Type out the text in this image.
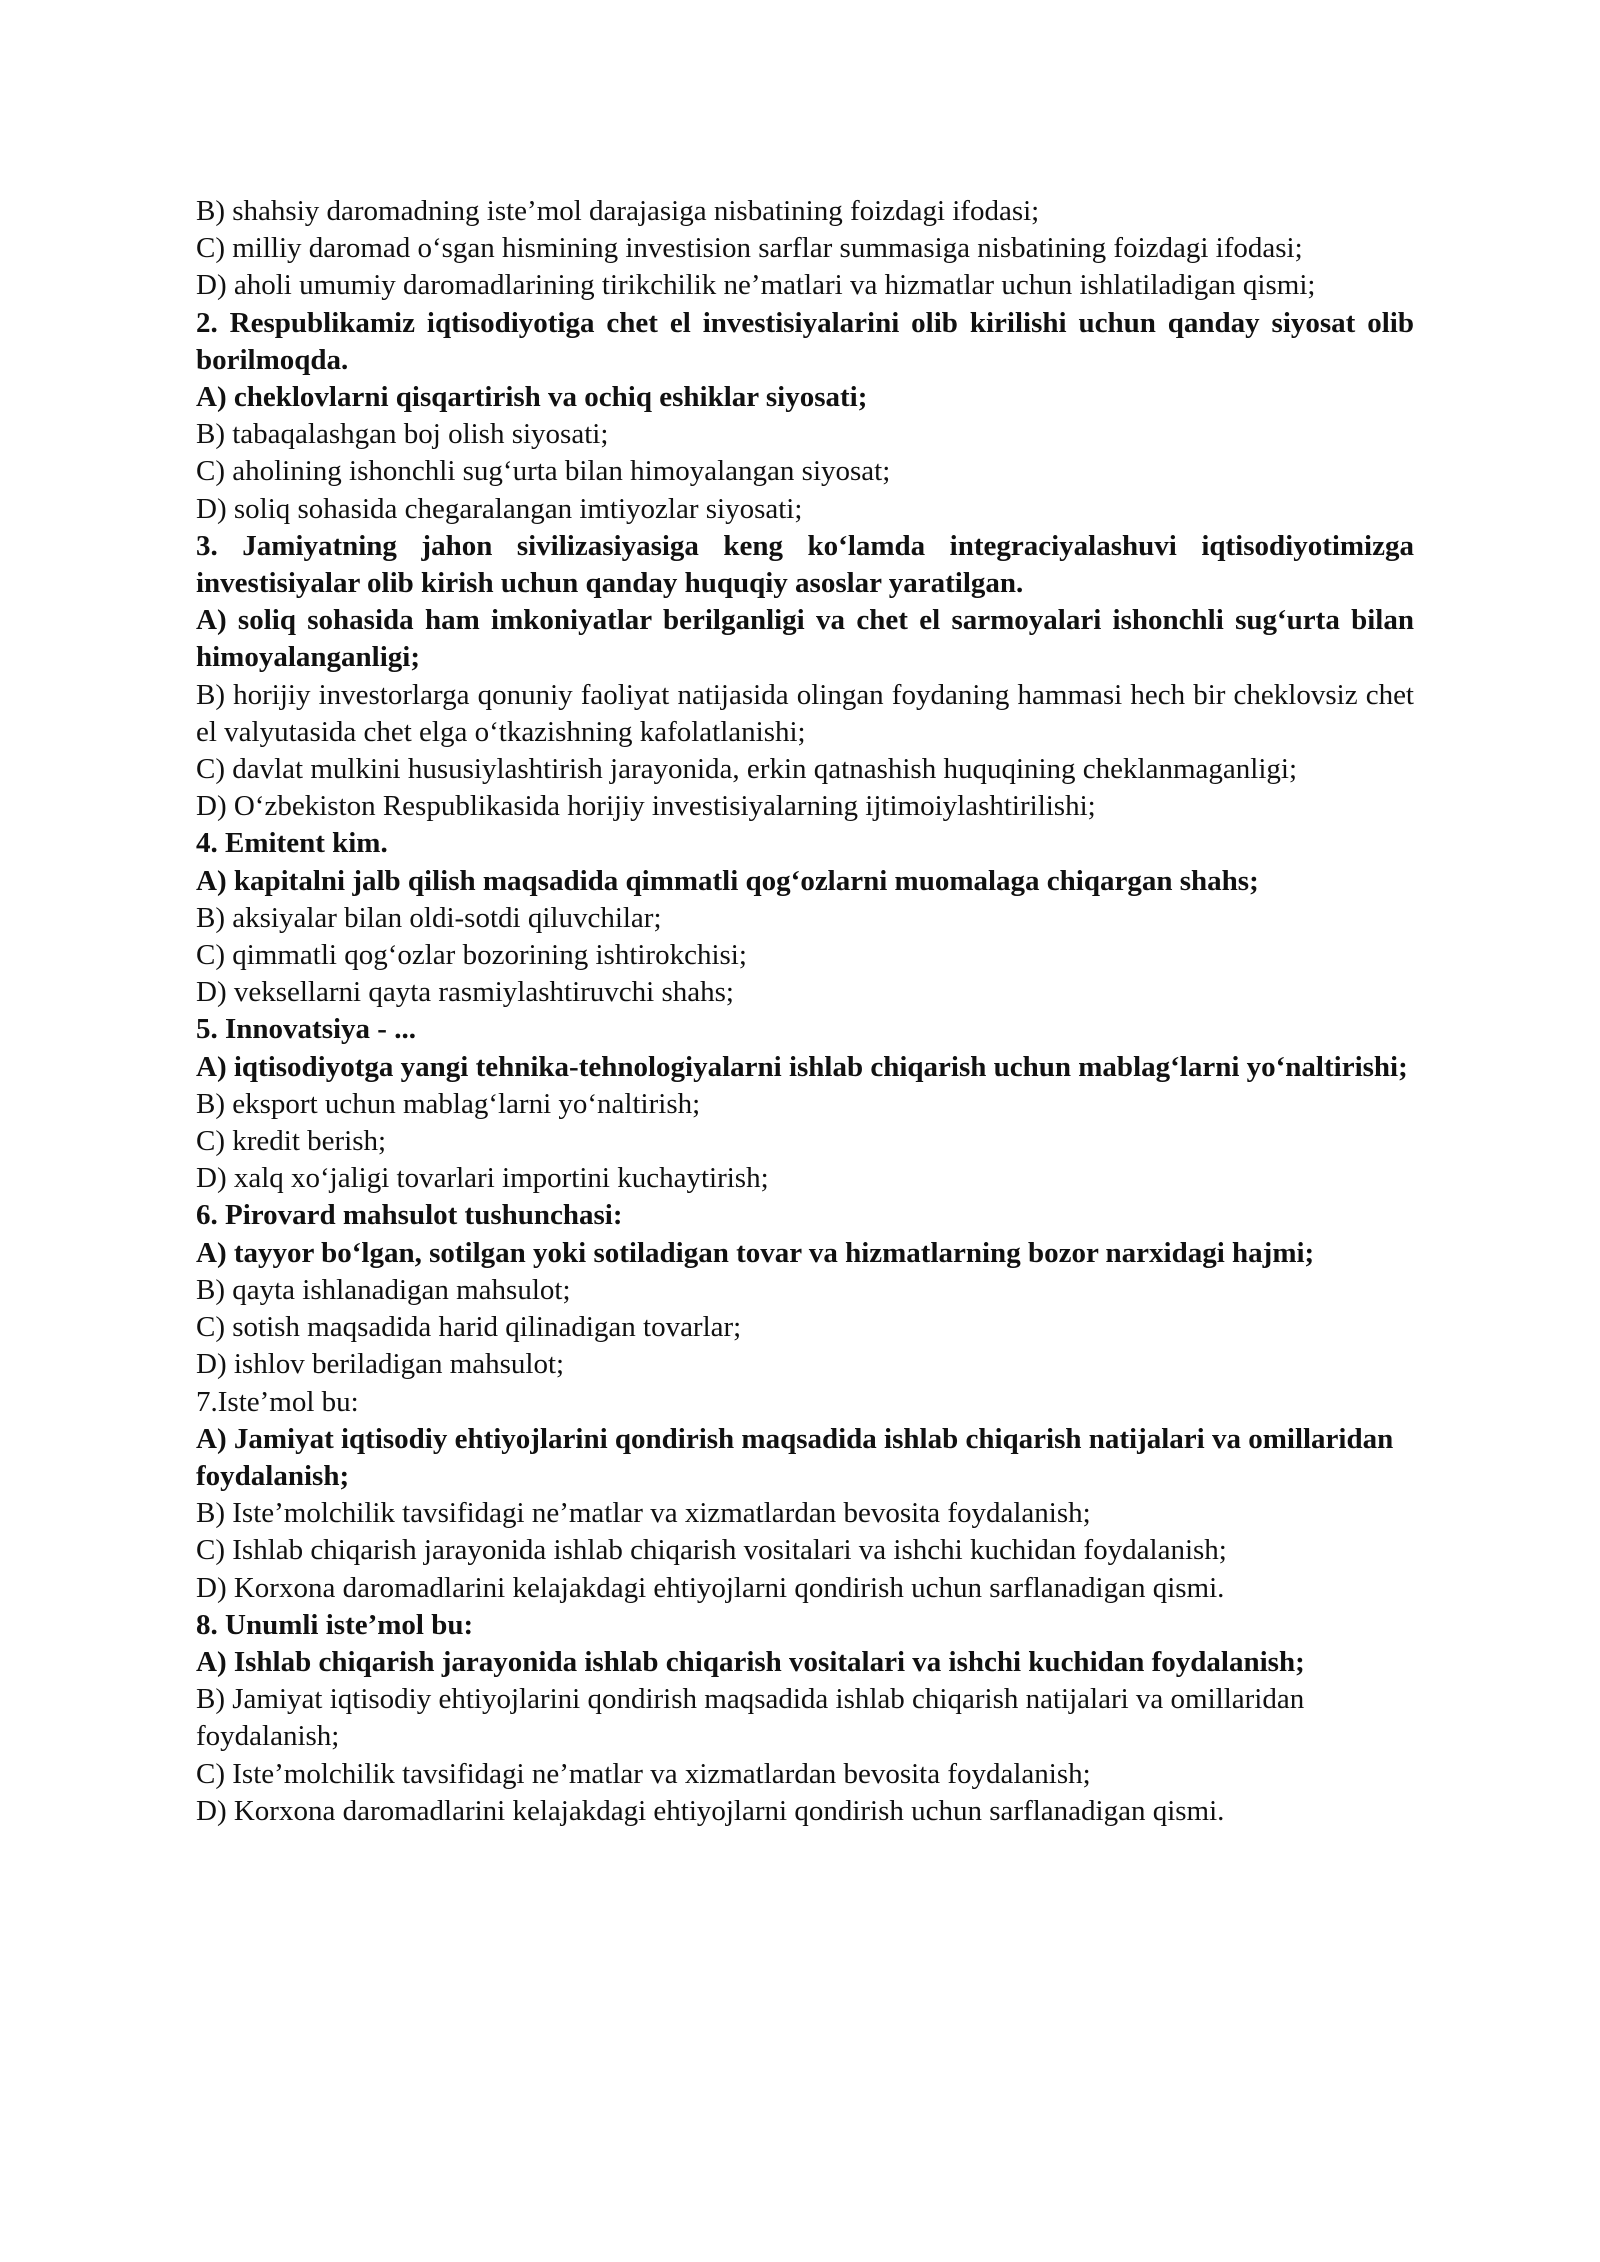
B) shahsiy daromadning iste’mol darajasiga nisbatining foizdagi ifodasi;
C) milliy daromad o‘sgan hismining investision sarflar summasiga nisbatining foizdagi ifodasi;
D) aholi umumiy daromadlarining tirikchilik ne’matlari va hizmatlar uchun ishlatiladigan qismi;
2. Respublikamiz iqtisodiyotiga chet el investisiyalarini olib kirilishi uchun qanday siyosat olib borilmoqda.
A) cheklovlarni qisqartirish va ochiq eshiklar siyosati;
B) tabaqalashgan boj olish siyosati;
C) aholining ishonchli sug‘urta bilan himoyalangan siyosat;
D) soliq sohasida chegaralangan imtiyozlar siyosati;
3. Jamiyatning jahon sivilizasiyasiga keng ko‘lamda integraciyalashuvi iqtisodiyotimizga investisiyalar olib kirish uchun qanday huquqiy asoslar yaratilgan.
A) soliq sohasida ham imkoniyatlar berilganligi va chet el sarmoyalari ishonchli sug‘urta bilan himoyalanganligi;
B) horijiy investorlarga qonuniy faoliyat natijasida olingan foydaning hammasi hech bir cheklovsiz chet el valyutasida chet elga o‘tkazishning kafolatlanishi;
C) davlat mulkini hususiylashtirish jarayonida, erkin qatnashish huquqining cheklanmaganligi;
D) O‘zbekiston Respublikasida horijiy investisiyalarning ijtimoiylashtirilishi;
4. Emitent kim.
A) kapitalni jalb qilish maqsadida qimmatli qog‘ozlarni muomalaga chiqargan shahs;
B) aksiyalar bilan oldi-sotdi qiluvchilar;
C) qimmatli qog‘ozlar bozorining ishtirokchisi;
D) veksellarni qayta rasmiylashtiruvchi shahs;
5. Innovatsiya - ...
A) iqtisodiyotga yangi tehnika-tehnologiyalarni ishlab chiqarish uchun mablag‘larni yo‘naltirishi;
B) eksport uchun mablag‘larni yo‘naltirish;
C) kredit berish;
D) xalq xo‘jaligi tovarlari importini kuchaytirish;
6. Pirovard mahsulot tushunchasi:
A) tayyor bo‘lgan, sotilgan yoki sotiladigan tovar va hizmatlarning bozor narxidagi hajmi;
B) qayta ishlanadigan mahsulot;
C) sotish maqsadida harid qilinadigan tovarlar;
D) ishlov beriladigan mahsulot;
7.Iste’mol bu:
A) Jamiyat iqtisodiy ehtiyojlarini qondirish maqsadida ishlab chiqarish natijalari va omillaridan foydalanish;
B) Iste’molchilik tavsifidagi ne’matlar va xizmatlardan bevosita foydalanish;
C) Ishlab chiqarish jarayonida ishlab chiqarish vositalari va ishchi kuchidan foydalanish;
D) Korxona daromadlarini kelajakdagi ehtiyojlarni qondirish uchun sarflanadigan qismi.
8. Unumli iste’mol bu:
A) Ishlab chiqarish jarayonida ishlab chiqarish vositalari va ishchi kuchidan foydalanish;
B) Jamiyat iqtisodiy ehtiyojlarini qondirish maqsadida ishlab chiqarish natijalari va omillaridan foydalanish;
C) Iste’molchilik tavsifidagi ne’matlar va xizmatlardan bevosita foydalanish;
D) Korxona daromadlarini kelajakdagi ehtiyojlarni qondirish uchun sarflanadigan qismi.
